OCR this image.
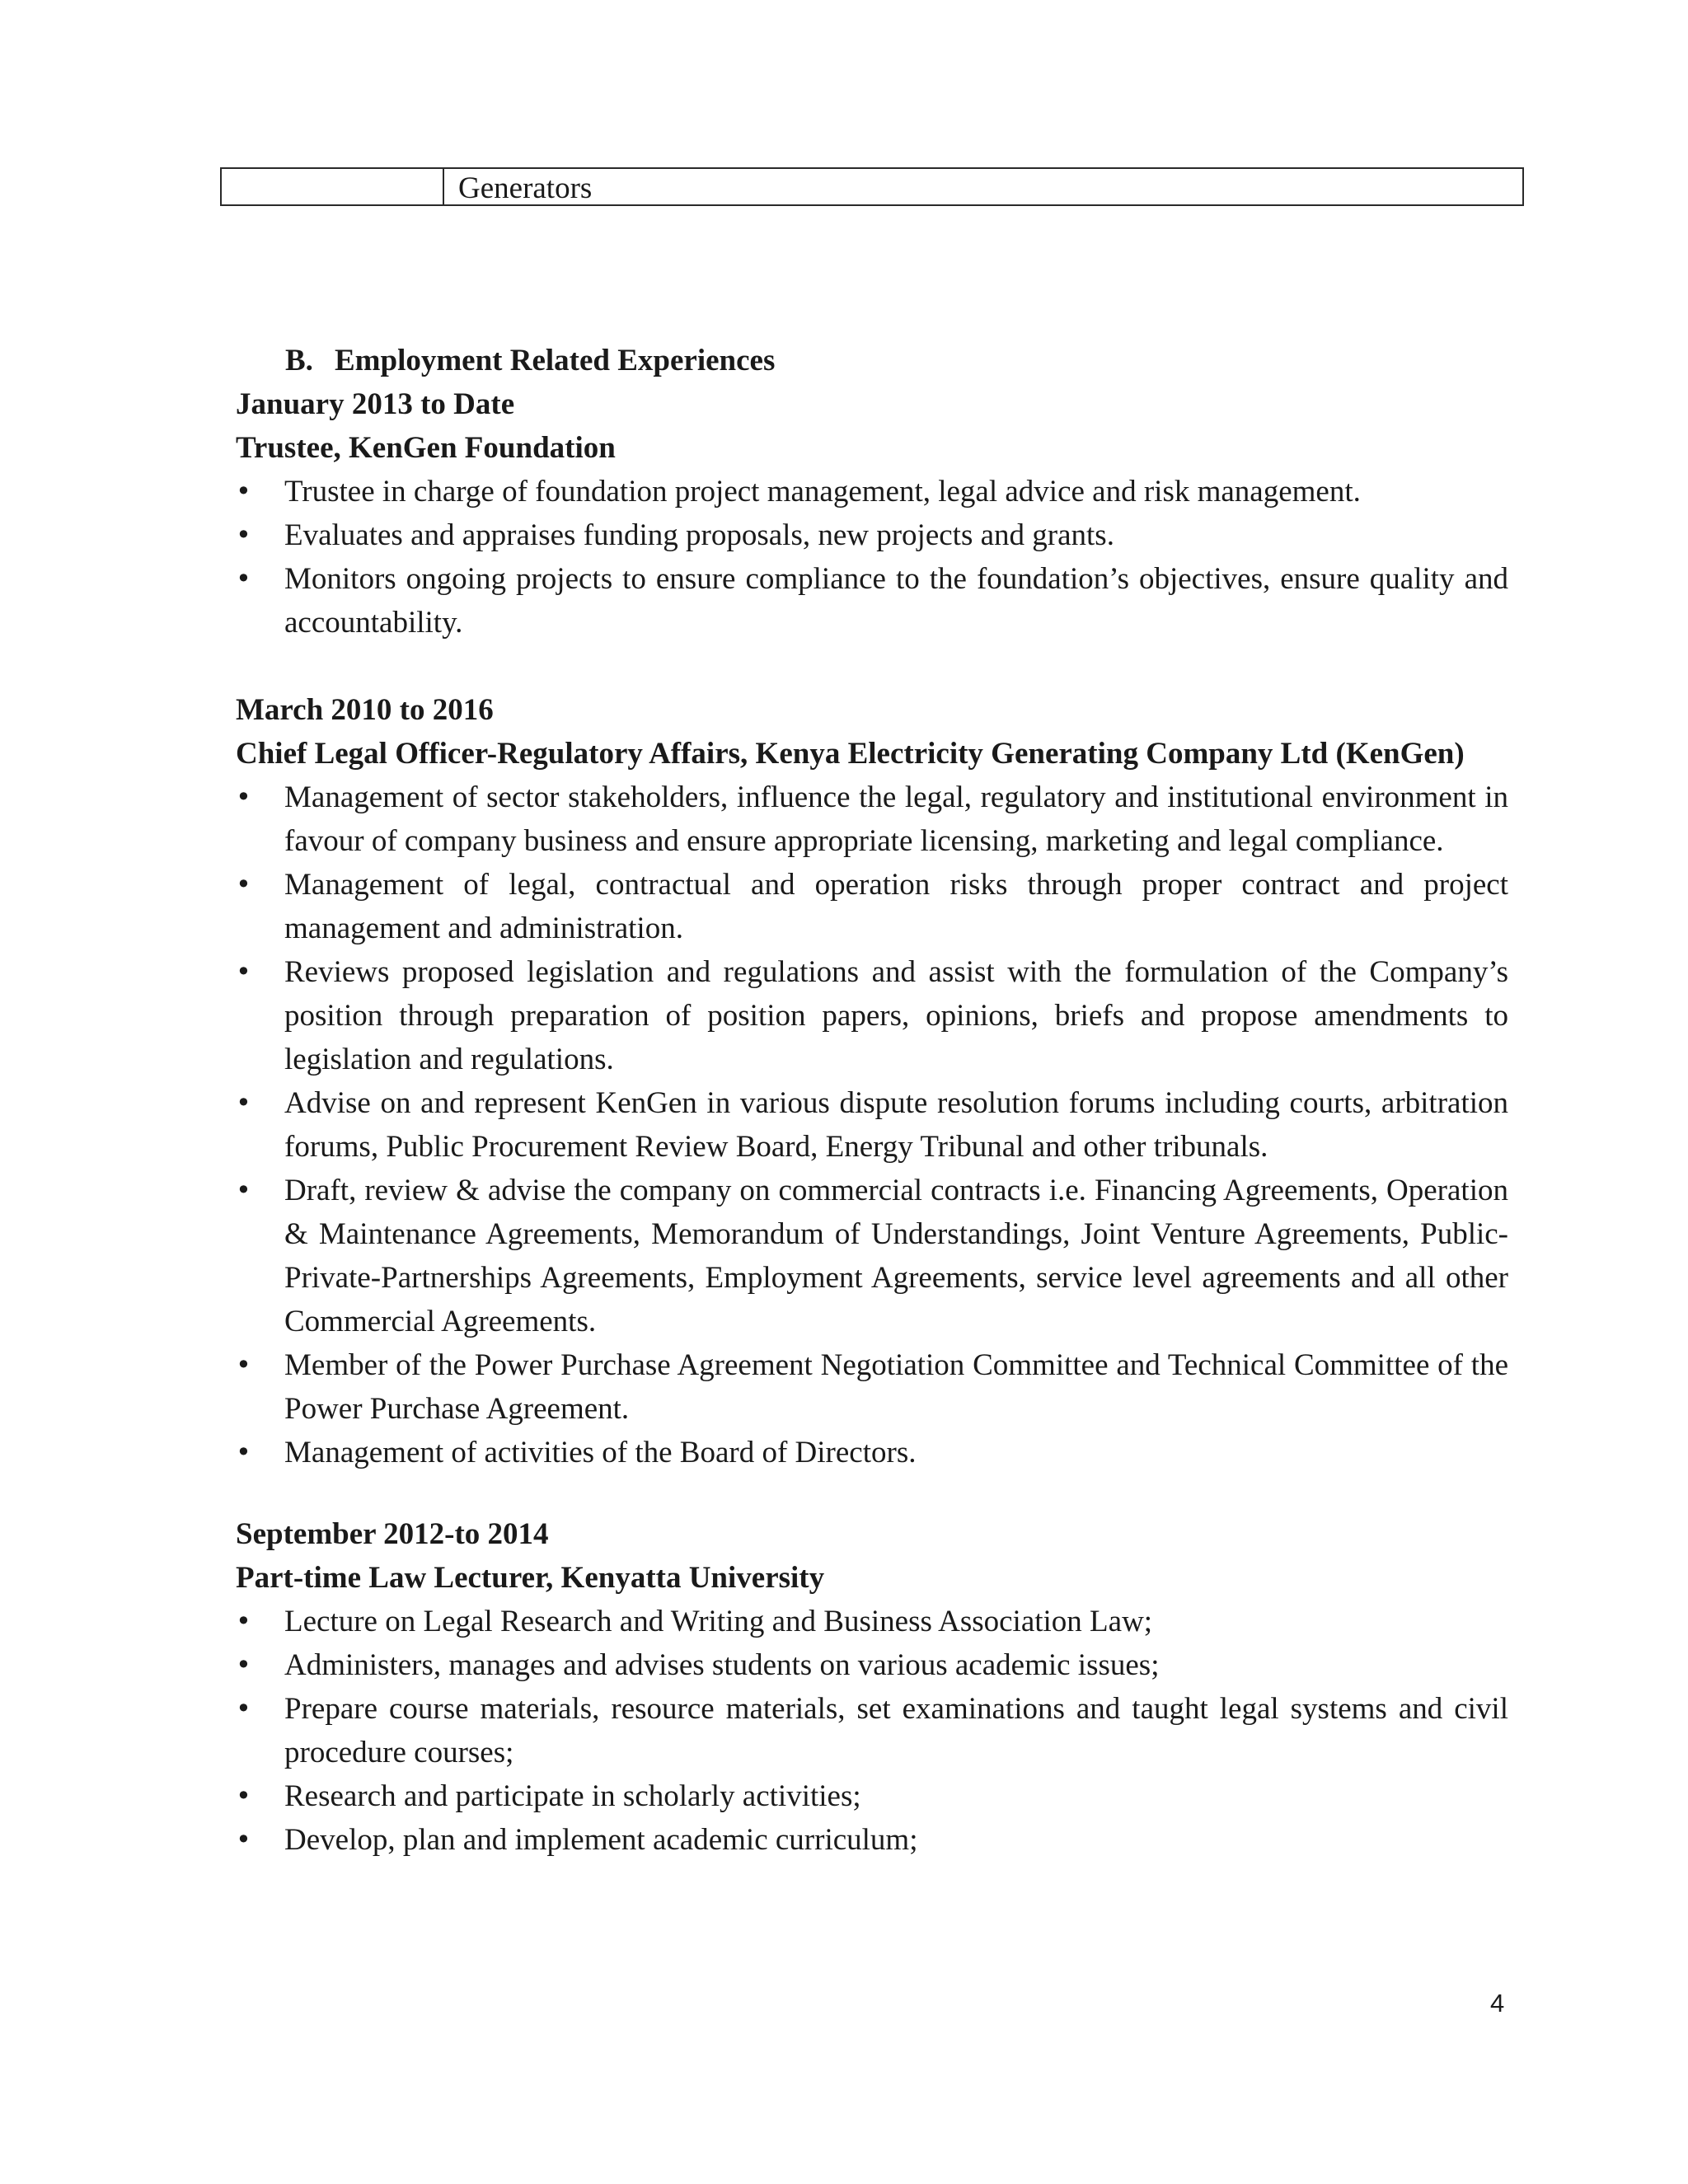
Generators

B. Employment Related Experiences

January 2013 to Date

Trustee, KenGen Foundation

• Trustee in charge of foundation project management, legal advice and risk management.
• Evaluates and appraises funding proposals, new projects and grants.
• Monitors ongoing projects to ensure compliance to the foundation’s objectives, ensure quality and accountability.

March 2010 to 2016

Chief Legal Officer-Regulatory Affairs, Kenya Electricity Generating Company Ltd (KenGen)

• Management of sector stakeholders, influence the legal, regulatory and institutional environment in favour of company business and ensure appropriate licensing, marketing and legal compliance.
• Management of legal, contractual and operation risks through proper contract and project management and administration.
• Reviews proposed legislation and regulations and assist with the formulation of the Company’s position through preparation of position papers, opinions, briefs and propose amendments to legislation and regulations.
• Advise on and represent KenGen in various dispute resolution forums including courts, arbitration forums, Public Procurement Review Board, Energy Tribunal and other tribunals.
• Draft, review & advise the company on commercial contracts i.e. Financing Agreements, Operation & Maintenance Agreements, Memorandum of Understandings, Joint Venture Agreements, Public-Private-Partnerships Agreements, Employment Agreements, service level agreements and all other Commercial Agreements.
• Member of the Power Purchase Agreement Negotiation Committee and Technical Committee of the Power Purchase Agreement.
• Management of activities of the Board of Directors.

September 2012-to 2014

Part-time Law Lecturer, Kenyatta University

• Lecture on Legal Research and Writing and Business Association Law;
• Administers, manages and advises students on various academic issues;
• Prepare course materials, resource materials, set examinations and taught legal systems and civil procedure courses;
• Research and participate in scholarly activities;
• Develop, plan and implement academic curriculum;
4
